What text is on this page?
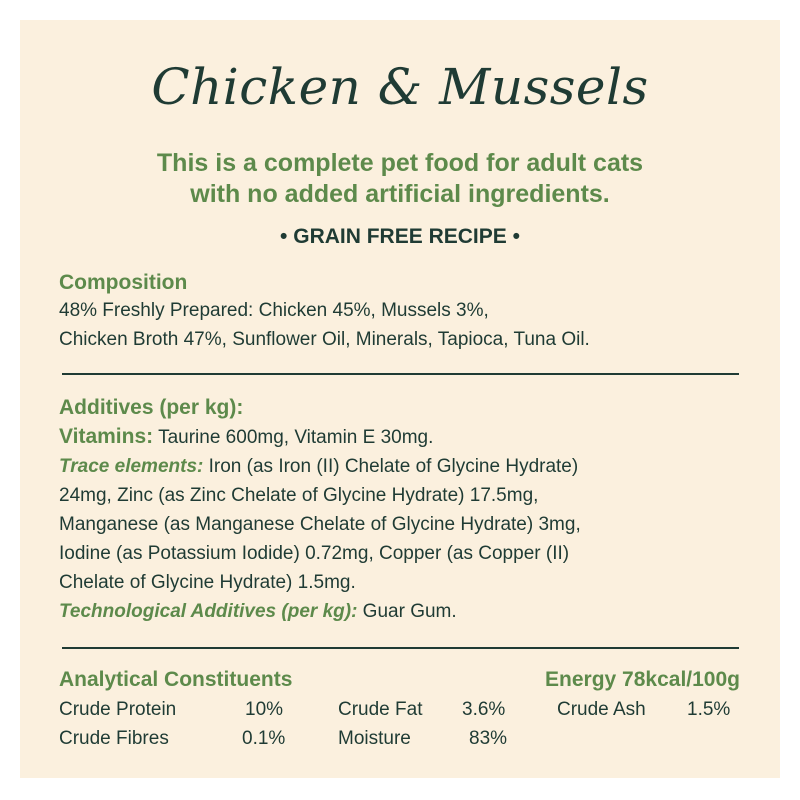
Chicken & Mussels
This is a complete pet food for adult cats
with no added artificial ingredients.
• GRAIN FREE RECIPE •
Composition
48% Freshly Prepared: Chicken 45%, Mussels 3%,
Chicken Broth 47%, Sunflower Oil, Minerals, Tapioca, Tuna Oil.
Additives (per kg):
Vitamins: Taurine 600mg, Vitamin E 30mg.
Trace elements: Iron (as Iron (II) Chelate of Glycine Hydrate)
24mg, Zinc (as Zinc Chelate of Glycine Hydrate) 17.5mg,
Manganese (as Manganese Chelate of Glycine Hydrate) 3mg,
Iodine (as Potassium Iodide) 0.72mg, Copper (as Copper (II)
Chelate of Glycine Hydrate) 1.5mg.
Technological Additives (per kg): Guar Gum.
Analytical Constituents	Energy 78kcal/100g
Crude Protein	10%	Crude Fat 3.6%	Crude Ash 1.5%
Crude Fibres	0.1%	Moisture	83%
